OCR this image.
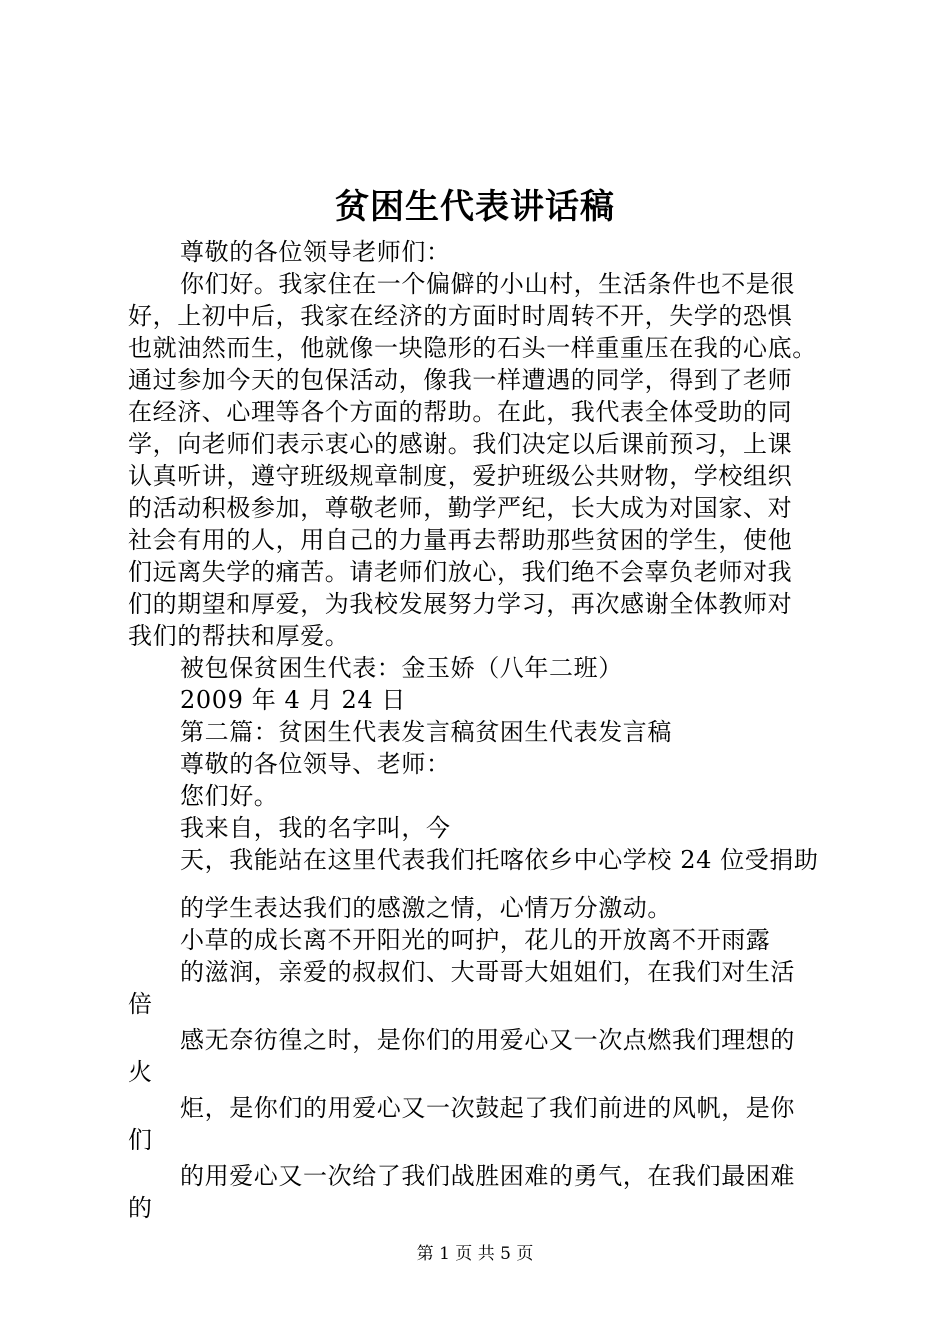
贫困生代表讲话稿
尊敬的各位领导老师们：
你们好。我家住在一个偏僻的小山村，生活条件也不是很
好，上初中后，我家在经济的方面时时周转不开，失学的恐惧
也就油然而生，他就像一块隐形的石头一样重重压在我的心底。
通过参加今天的包保活动，像我一样遭遇的同学，得到了老师
在经济、心理等各个方面的帮助。在此，我代表全体受助的同
学，向老师们表示衷心的感谢。我们决定以后课前预习，上课
认真听讲，遵守班级规章制度，爱护班级公共财物，学校组织
的活动积极参加，尊敬老师，勤学严纪，长大成为对国家、对
社会有用的人，用自己的力量再去帮助那些贫困的学生，使他
们远离失学的痛苦。请老师们放心，我们绝不会辜负老师对我
们的期望和厚爱，为我校发展努力学习，再次感谢全体教师对
我们的帮扶和厚爱。
被包保贫困生代表：金玉娇（八年二班）
2009 年 4 月 24 日
第二篇：贫困生代表发言稿贫困生代表发言稿
尊敬的各位领导、老师：
您们好。
我来自，我的名字叫，今
天，我能站在这里代表我们托喀依乡中心学校 24 位受捐助
的学生表达我们的感激之情，心情万分激动。
小草的成长离不开阳光的呵护，花儿的开放离不开雨露
的滋润，亲爱的叔叔们、大哥哥大姐姐们，在我们对生活
倍
感无奈彷徨之时，是你们的用爱心又一次点燃我们理想的
火
炬，是你们的用爱心又一次鼓起了我们前进的风帆，是你
们
的用爱心又一次给了我们战胜困难的勇气，在我们最困难
的
第 1 页 共 5 页
